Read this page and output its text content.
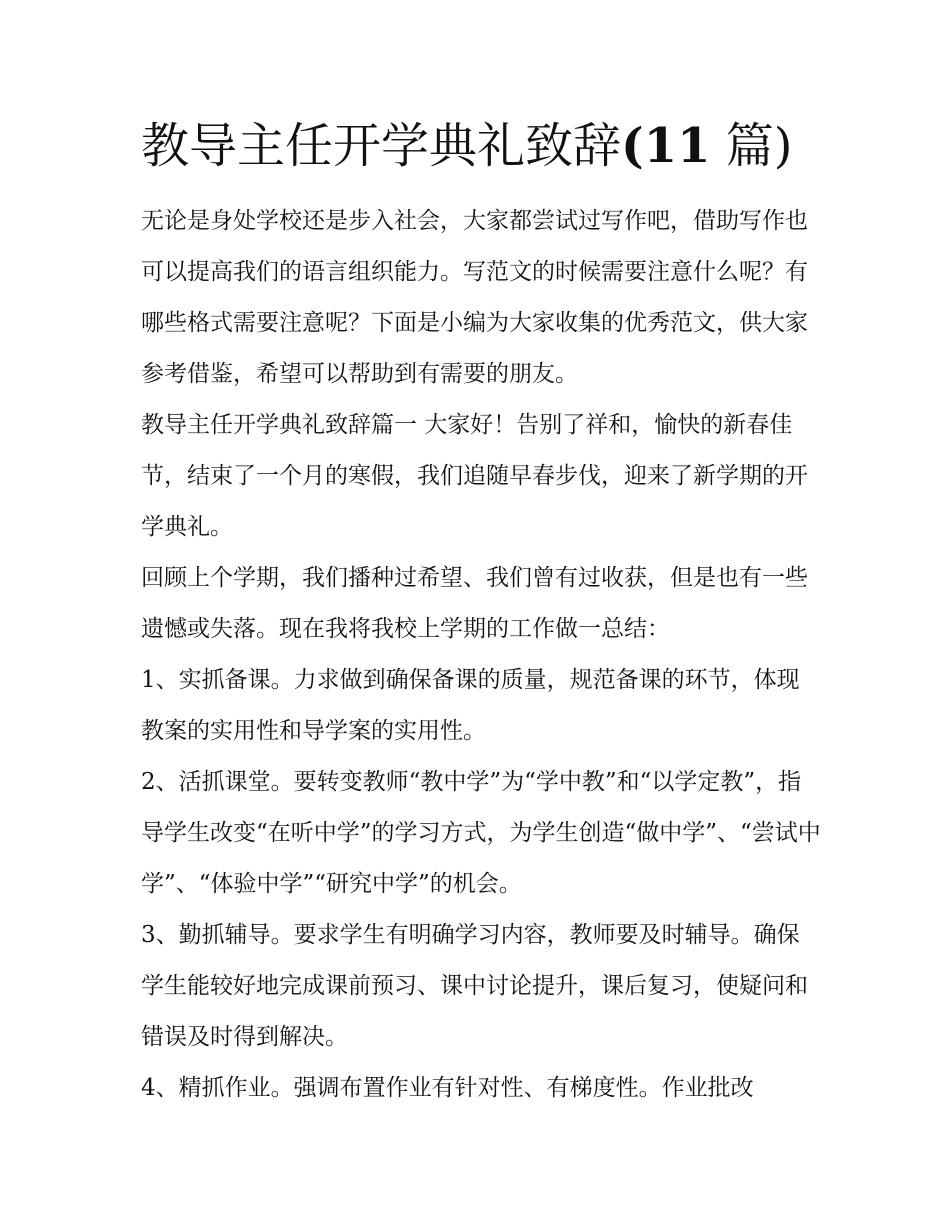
教导主任开学典礼致辞(11 篇)

无论是身处学校还是步入社会，大家都尝试过写作吧，借助写作也可以提高我们的语言组织能力。写范文的时候需要注意什么呢？有哪些格式需要注意呢？下面是小编为大家收集的优秀范文，供大家参考借鉴，希望可以帮助到有需要的朋友。

教导主任开学典礼致辞篇一 大家好！告别了祥和，愉快的新春佳节，结束了一个月的寒假，我们追随早春步伐，迎来了新学期的开学典礼。

回顾上个学期，我们播种过希望、我们曾有过收获，但是也有一些遗憾或失落。现在我将我校上学期的工作做一总结：

1、实抓备课。力求做到确保备课的质量，规范备课的环节，体现教案的实用性和导学案的实用性。

2、活抓课堂。要转变教师“教中学”为“学中教”和“以学定教”，指导学生改变“在听中学”的学习方式，为学生创造“做中学”、“尝试中学”、“体验中学”“研究中学”的机会。

3、勤抓辅导。要求学生有明确学习内容，教师要及时辅导。确保学生能较好地完成课前预习、课中讨论提升，课后复习，使疑问和错误及时得到解决。

4、精抓作业。强调布置作业有针对性、有梯度性。作业批改
